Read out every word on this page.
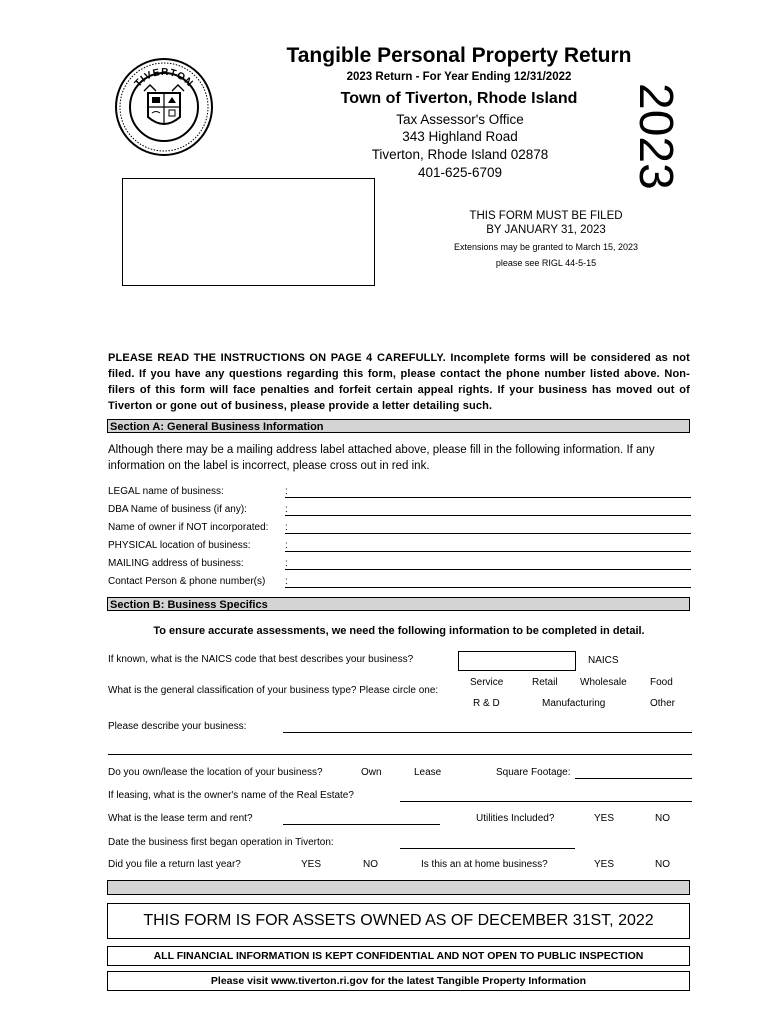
TIVERTON
Tangible Personal Property Return
2023 Return - For Year Ending 12/31/2022
Town of Tiverton, Rhode Island
Tax Assessor's Office
343 Highland Road
Tiverton, Rhode Island 02878
401-625-6709	2023
THIS FORM MUST BE FILED
BY JANUARY 31, 2023
Extensions may be granted to March 15, 2023
please see RIGL 44-5-15
PLEASE READ THE INSTRUCTIONS ON PAGE 4 CAREFULLY. Incomplete forms will be considered as not filed. If you have any questions regarding this form, please contact the phone number listed above. Non-filers of this form will face penalties and forfeit certain appeal rights. If your business has moved out of Tiverton or gone out of business, please provide a letter detailing such.
Section A: General Business Information
Although there may be a mailing address label attached above, please fill in the following information. If any information on the label is incorrect, please cross out in red ink.
LEGAL name of business:	:
DBA Name of business (if any):	:
Name of owner if NOT incorporated: :
PHYSICAL location of business:	:
MAILING address of business:	:
Contact Person & phone number(s) :
Section B: Business Specifics
To ensure accurate assessments, we need the following information to be completed in detail.
If known, what is the NAICS code that best describes your business?	NAICS
What is the general classification of your business type? Please circle one:
Service	Retail Wholesale Food
R & D	Manufacturing	Other
Please describe your business:
Do you own/lease the location of your business?	Own	Lease	Square Footage:
If leasing, what is the owner's name of the Real Estate?
What is the lease term and rent?	Utilities Included?	YES	NO
Date the business first began operation in Tiverton:
Did you file a return last year?	YES	NO	Is this an at home business?	YES	NO
THIS FORM IS FOR ASSETS OWNED AS OF DECEMBER 31ST, 2022
ALL FINANCIAL INFORMATION IS KEPT CONFIDENTIAL AND NOT OPEN TO PUBLIC INSPECTION
Please visit www.tiverton.ri.gov for the latest Tangible Property Information
